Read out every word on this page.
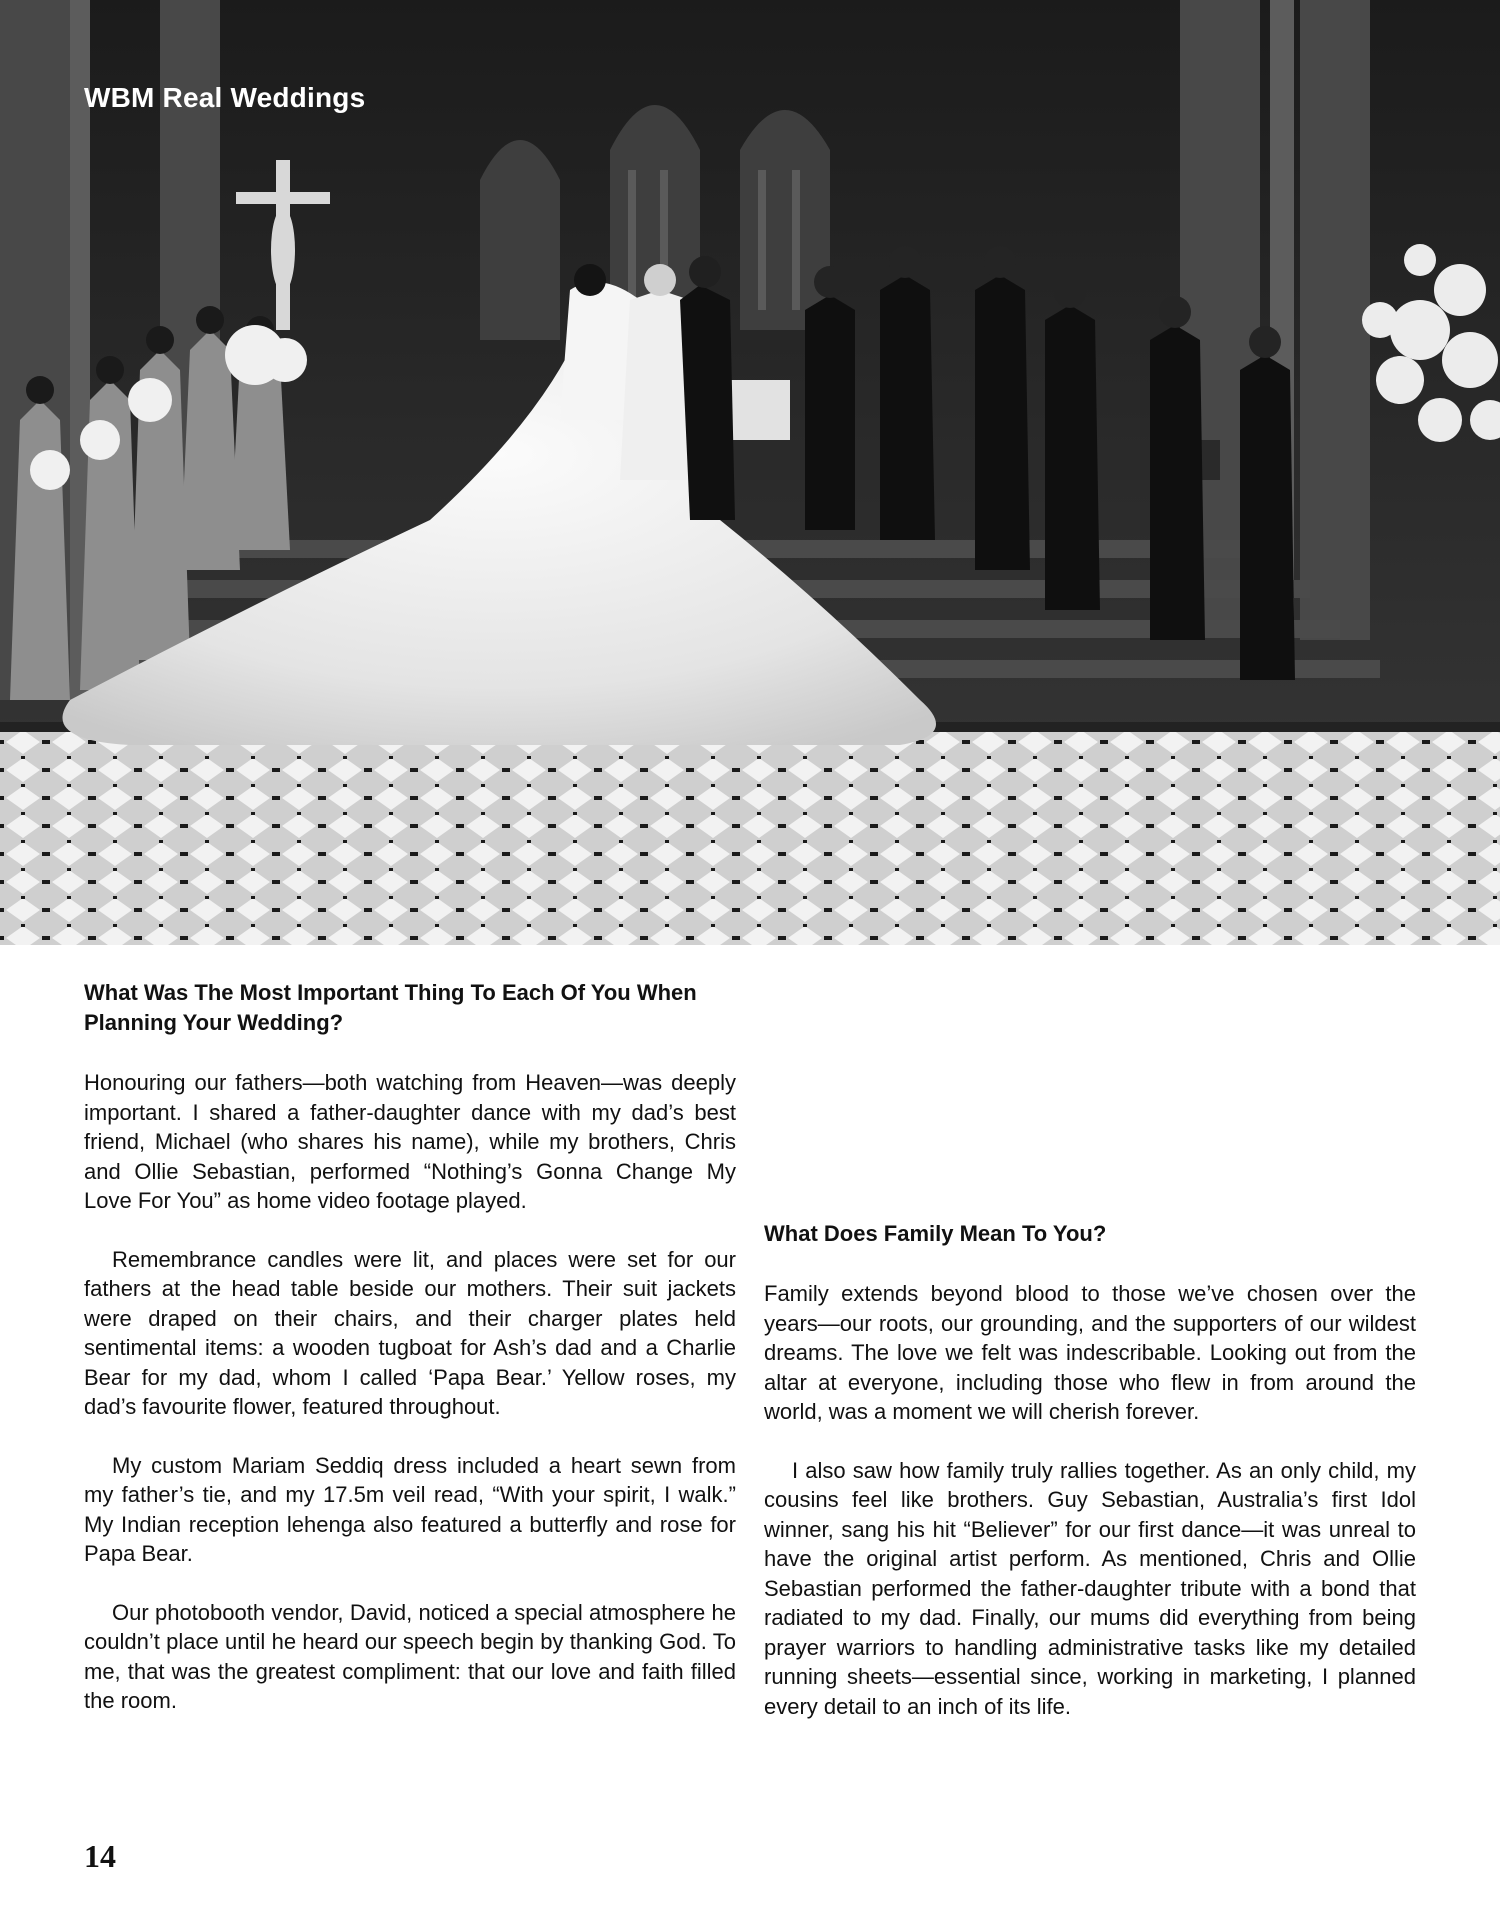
WBM Real Weddings
What Was The Most Important Thing To Each Of You When Planning Your Wedding?

Honouring our fathers—both watching from Heaven—was deeply important. I shared a father-daughter dance with my dad’s best friend, Michael (who shares his name), while my brothers, Chris and Ollie Sebastian, performed “Nothing’s Gonna Change My Love For You” as home video footage played.

Remembrance candles were lit, and places were set for our fathers at the head table beside our mothers. Their suit jackets were draped on their chairs, and their charger plates held sentimental items: a wooden tugboat for Ash’s dad and a Charlie Bear for my dad, whom I called ‘Papa Bear.’ Yellow roses, my dad’s favourite flower, featured throughout.

My custom Mariam Seddiq dress included a heart sewn from my father’s tie, and my 17.5m veil read, “With your spirit, I walk.” My Indian reception lehenga also featured a butterfly and rose for Papa Bear.

Our photobooth vendor, David, noticed a special atmosphere he couldn’t place until he heard our speech begin by thanking God. To me, that was the greatest compliment: that our love and faith filled the room.

What Does Family Mean To You?

Family extends beyond blood to those we’ve chosen over the years—our roots, our grounding, and the supporters of our wildest dreams. The love we felt was indescribable. Looking out from the altar at everyone, including those who flew in from around the world, was a moment we will cherish forever.

I also saw how family truly rallies together. As an only child, my cousins feel like brothers. Guy Sebastian, Australia’s first Idol winner, sang his hit “Believer” for our first dance—it was unreal to have the original artist perform. As mentioned, Chris and Ollie Sebastian performed the father-daughter tribute with a bond that radiated to my dad. Finally, our mums did everything from being prayer warriors to handling administrative tasks like my detailed running sheets—essential since, working in marketing, I planned every detail to an inch of its life.

14
